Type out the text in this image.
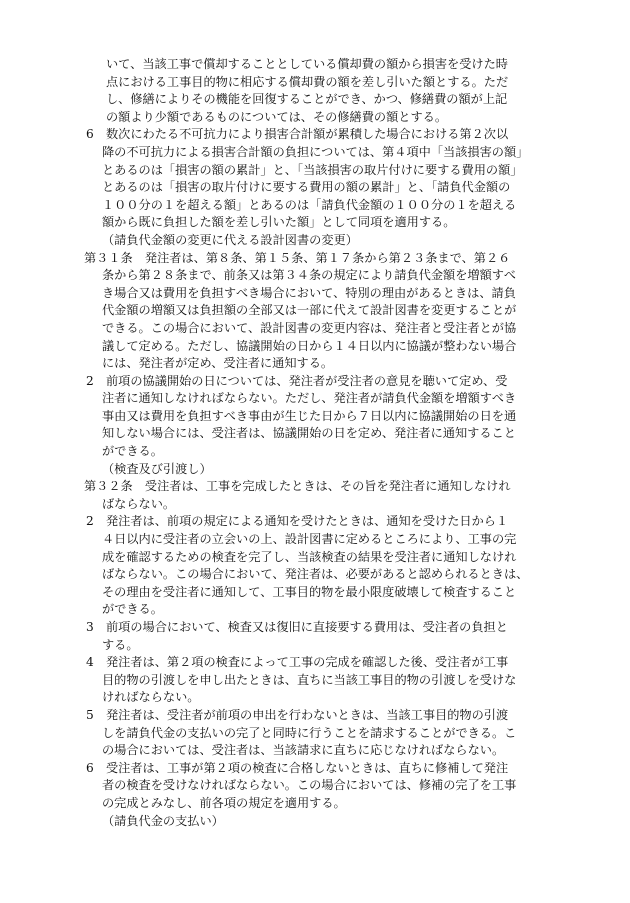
いて、当該工事で償却することとしている償却費の額から損害を受けた時
点における工事目的物に相応する償却費の額を差し引いた額とする。ただ
し、修繕によりその機能を回復することができ、かつ、修繕費の額が上記
の額より少額であるものについては、その修繕費の額とする。
6　数次にわたる不可抗力により損害合計額が累積した場合における第２次以
降の不可抗力による損害合計額の負担については、第４項中「当該損害の額」
とあるのは「損害の額の累計」と、「当該損害の取片付けに要する費用の額」
とあるのは「損害の取片付けに要する費用の額の累計」と、「請負代金額の
１００分の１を超える額」とあるのは「請負代金額の１００分の１を超える
額から既に負担した額を差し引いた額」として同項を適用する。
（請負代金額の変更に代える設計図書の変更）
第３１条　発注者は、第８条、第１５条、第１７条から第２３条まで、第２６
条から第２８条まで、前条又は第３４条の規定により請負代金額を増額すべ
き場合又は費用を負担すべき場合において、特別の理由があるときは、請負
代金額の増額又は負担額の全部又は一部に代えて設計図書を変更することが
できる。この場合において、設計図書の変更内容は、発注者と受注者とが協
議して定める。ただし、協議開始の日から１４日以内に協議が整わない場合
には、発注者が定め、受注者に通知する。
2　前項の協議開始の日については、発注者が受注者の意見を聴いて定め、受
注者に通知しなければならない。ただし、発注者が請負代金額を増額すべき
事由又は費用を負担すべき事由が生じた日から７日以内に協議開始の日を通
知しない場合には、受注者は、協議開始の日を定め、発注者に通知すること
ができる。
（検査及び引渡し）
第３２条　受注者は、工事を完成したときは、その旨を発注者に通知しなけれ
ばならない。
2　発注者は、前項の規定による通知を受けたときは、通知を受けた日から１
４日以内に受注者の立会いの上、設計図書に定めるところにより、工事の完
成を確認するための検査を完了し、当該検査の結果を受注者に通知しなけれ
ばならない。この場合において、発注者は、必要があると認められるときは、
その理由を受注者に通知して、工事目的物を最小限度破壊して検査すること
ができる。
3　前項の場合において、検査又は復旧に直接要する費用は、受注者の負担と
する。
4　発注者は、第２項の検査によって工事の完成を確認した後、受注者が工事
目的物の引渡しを申し出たときは、直ちに当該工事目的物の引渡しを受けな
ければならない。
5　発注者は、受注者が前項の申出を行わないときは、当該工事目的物の引渡
しを請負代金の支払いの完了と同時に行うことを請求することができる。こ
の場合においては、受注者は、当該請求に直ちに応じなければならない。
6　受注者は、工事が第２項の検査に合格しないときは、直ちに修補して発注
者の検査を受けなければならない。この場合においては、修補の完了を工事
の完成とみなし、前各項の規定を適用する。
（請負代金の支払い）
